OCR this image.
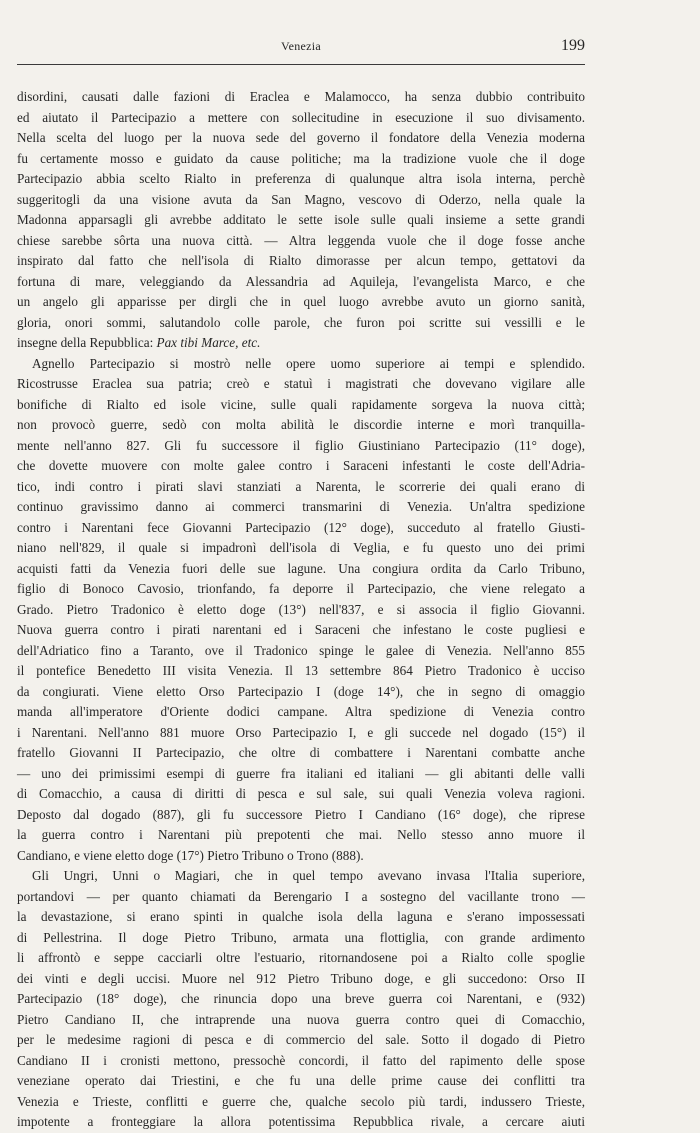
Venezia	199
disordini, causati dalle fazioni di Eraclea e Malamocco, ha senza dubbio contribuito
ed aiutato il Partecipazio a mettere con sollecitudine in esecuzione il suo divisamento.
Nella scelta del luogo per la nuova sede del governo il fondatore della Venezia moderna
fu certamente mosso e guidato da cause politiche; ma la tradizione vuole che il doge
Partecipazio abbia scelto Rialto in preferenza di qualunque altra isola interna, perchè
suggeritogli da una visione avuta da San Magno, vescovo di Oderzo, nella quale la
Madonna apparsagli gli avrebbe additato le sette isole sulle quali insieme a sette grandi
chiese sarebbe sôrta una nuova città. — Altra leggenda vuole che il doge fosse anche
inspirato dal fatto che nell'isola di Rialto dimorasse per alcun tempo, gettatovi da
fortuna di mare, veleggiando da Alessandria ad Aquileja, l'evangelista Marco, e che
un angelo gli apparisse per dirgli che in quel luogo avrebbe avuto un giorno sanità,
gloria, onori sommi, salutandolo colle parole, che furon poi scritte sui vessilli e le
insegne della Repubblica: Pax tibi Marce, etc.
Agnello Partecipazio si mostrò nelle opere uomo superiore ai tempi e splendido.
Ricostrusse Eraclea sua patria; creò e statuì i magistrati che dovevano vigilare alle
bonifiche di Rialto ed isole vicine, sulle quali rapidamente sorgeva la nuova città;
non provocò guerre, sedò con molta abilità le discordie interne e morì tranquilla-
mente nell'anno 827. Gli fu successore il figlio Giustiniano Partecipazio (11° doge),
che dovette muovere con molte galee contro i Saraceni infestanti le coste dell'Adria-
tico, indi contro i pirati slavi stanziati a Narenta, le scorrerie dei quali erano di
continuo gravissimo danno ai commerci transmarini di Venezia. Un'altra spedizione
contro i Narentani fece Giovanni Partecipazio (12° doge), succeduto al fratello Giusti-
niano nell'829, il quale si impadronì dell'isola di Veglia, e fu questo uno dei primi
acquisti fatti da Venezia fuori delle sue lagune. Una congiura ordita da Carlo Tribuno,
figlio di Bonoco Cavosio, trionfando, fa deporre il Partecipazio, che viene relegato a
Grado. Pietro Tradonico è eletto doge (13°) nell'837, e si associa il figlio Giovanni.
Nuova guerra contro i pirati narentani ed i Saraceni che infestano le coste pugliesi e
dell'Adriatico fino a Taranto, ove il Tradonico spinge le galee di Venezia. Nell'anno 855
il pontefice Benedetto III visita Venezia. Il 13 settembre 864 Pietro Tradonico è ucciso
da congiurati. Viene eletto Orso Partecipazio I (doge 14°), che in segno di omaggio
manda all'imperatore d'Oriente dodici campane. Altra spedizione di Venezia contro
i Narentani. Nell'anno 881 muore Orso Partecipazio I, e gli succede nel dogado (15°) il
fratello Giovanni II Partecipazio, che oltre di combattere i Narentani combatte anche
— uno dei primissimi esempi di guerre fra italiani ed italiani — gli abitanti delle valli
di Comacchio, a causa di diritti di pesca e sul sale, sui quali Venezia voleva ragioni.
Deposto dal dogado (887), gli fu successore Pietro I Candiano (16° doge), che riprese
la guerra contro i Narentani più prepotenti che mai. Nello stesso anno muore il
Candiano, e viene eletto doge (17°) Pietro Tribuno o Trono (888).
Gli Ungri, Unni o Magiari, che in quel tempo avevano invasa l'Italia superiore,
portandovi — per quanto chiamati da Berengario I a sostegno del vacillante trono —
la devastazione, si erano spinti in qualche isola della laguna e s'erano impossessati
di Pellestrina. Il doge Pietro Tribuno, armata una flottiglia, con grande ardimento
li affrontò e seppe cacciarli oltre l'estuario, ritornandosene poi a Rialto colle spoglie
dei vinti e degli uccisi. Muore nel 912 Pietro Tribuno doge, e gli succedono: Orso II
Partecipazio (18° doge), che rinuncia dopo una breve guerra coi Narentani, e (932)
Pietro Candiano II, che intraprende una nuova guerra contro quei di Comacchio,
per le medesime ragioni di pesca e di commercio del sale. Sotto il dogado di Pietro
Candiano II i cronisti mettono, pressochè concordi, il fatto del rapimento delle spose
veneziane operato dai Triestini, e che fu una delle prime cause dei conflitti tra
Venezia e Trieste, conflitti e guerre che, qualche secolo più tardi, indussero Trieste,
impotente a fronteggiare la allora potentissima Repubblica rivale, a cercare aiuti
